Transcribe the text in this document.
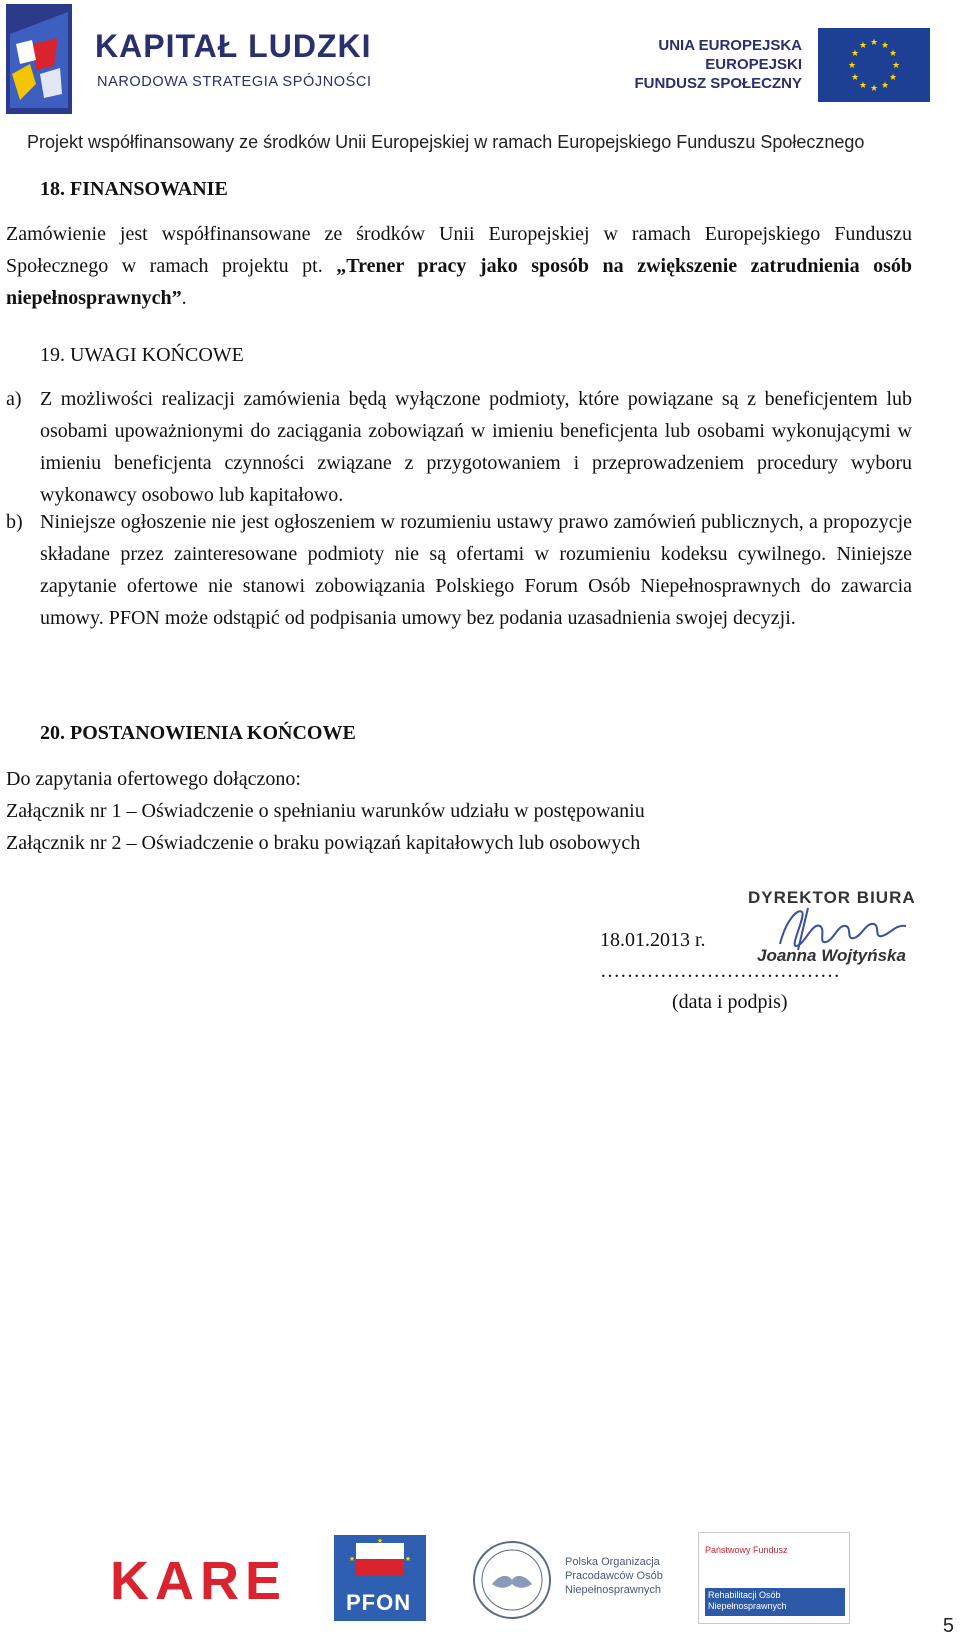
KAPITAŁ LUDZKI
NARODOWA STRATEGIA SPÓJNOŚCI
UNIA EUROPEJSKA
EUROPEJSKI
FUNDUSZ SPOŁECZNY
★ ★
★
★
★
★
★
★
★
★
★
★
Projekt współfinansowany ze środków Unii Europejskiej w ramach Europejskiego Funduszu Społecznego
18. FINANSOWANIE
Zamówienie jest współfinansowane ze środków Unii Europejskiej w ramach Europejskiego Funduszu
Społecznego w ramach projektu pt. „Trener pracy jako sposób na zwiększenie zatrudnienia osób
niepełnosprawnych”.
19. UWAGI KOŃCOWE
a) Z możliwości realizacji zamówienia będą wyłączone podmioty, które powiązane są z beneficjentem lub osobami upoważnionymi do zaciągania zobowiązań w imieniu beneficjenta lub osobami wykonującymi w imieniu beneficjenta czynności związane z przygotowaniem i przeprowadzeniem procedury wyboru wykonawcy osobowo lub kapitałowo.
b) Niniejsze ogłoszenie nie jest ogłoszeniem w rozumieniu ustawy prawo zamówień publicznych, a propozycje składane przez zainteresowane podmioty nie są ofertami w rozumieniu kodeksu cywilnego. Niniejsze zapytanie ofertowe nie stanowi zobowiązania Polskiego Forum Osób Niepełnosprawnych do zawarcia umowy. PFON może odstąpić od podpisania umowy bez podania uzasadnienia swojej decyzji.
20. POSTANOWIENIA KOŃCOWE
Do zapytania ofertowego dołączono:
Załącznik nr 1 – Oświadczenie o spełnianiu warunków udziału w postępowaniu
Załącznik nr 2 – Oświadczenie o braku powiązań kapitałowych lub osobowych
DYREKTOR BIURA
Joanna Wojtyńska
18.01.2013 r.
………………………………
(data i podpis)
KARE
★
★
★
PFON
Polska Organizacja
Pracodawców Osób
Niepełnosprawnych
Państwowy Fundusz
Rehabilitacji Osób
Niepełnosprawnych
5
